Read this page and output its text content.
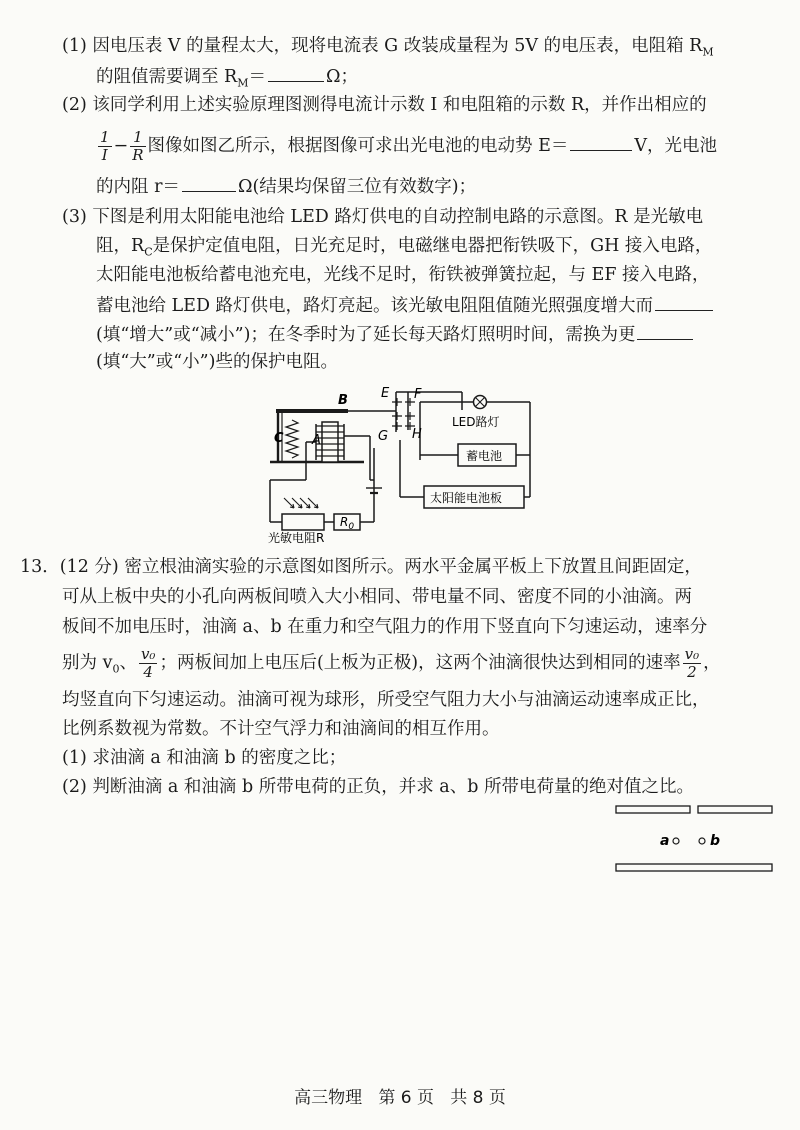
(1) 因电压表 V 的量程太大，现将电流表 G 改装成量程为 5V 的电压表，电阻箱 $R_M$
的阻值需要调至 $R_M=$	Ω；
(2) 该同学利用上述实验原理图测得电流计示数 I 和电阻箱的示数 R，并作出相应的
$\frac{1}{I} - \frac{1}{R}$ 图像如图乙所示，根据图像可求出光电池的电动势 E＝	V，光电池
的内阻 r＝	Ω(结果均保留三位有效数字)；
(3) 下图是利用太阳能电池给 LED 路灯供电的自动控制电路的示意图。R 是光敏电
阻，$R_C$是保护定值电阻，日光充足时，电磁继电器把衔铁吸下，GH 接入电路，
太阳能电池板给蓄电池充电，光线不足时，衔铁被弹簧拉起，与 EF 接入电路，
蓄电池给 LED 路灯供电，路灯亮起。该光敏电阻阻值随光照强度增大而
(填“增大”或“减小”)；在冬季时为了延长每天路灯照明时间，需换为更
(填“大”或“小”)些的保护电阻。
B
C A
E F
G H
LED路灯
蓄电池
太阳能电池板
$R_0$
光敏电阻R
13．(12 分) 密立根油滴实验的示意图如图所示。两水平金属平板上下放置且间距固定，
可从上板中央的小孔向两板间喷入大小相同、带电量不同、密度不同的小油滴。两
板间不加电压时，油滴 a、b 在重力和空气阻力的作用下竖直向下匀速运动，速率分
别为 $v_0$、 $\frac{\text{v₀}}{4}$ ；两板间加上电压后(上板为正极)，这两个油滴很快达到相同的速率 $\frac{\text{v₀}}{2}$ ，
均竖直向下匀速运动。油滴可视为球形，所受空气阻力大小与油滴运动速率成正比，
比例系数视为常数。不计空气浮力和油滴间的相互作用。
(1) 求油滴 a 和油滴 b 的密度之比；
(2) 判断油滴 a 和油滴 b 所带电荷的正负，并求 a、b 所带电荷量的绝对值之比。
a	b
高三物理 第 6 页 共 8 页
